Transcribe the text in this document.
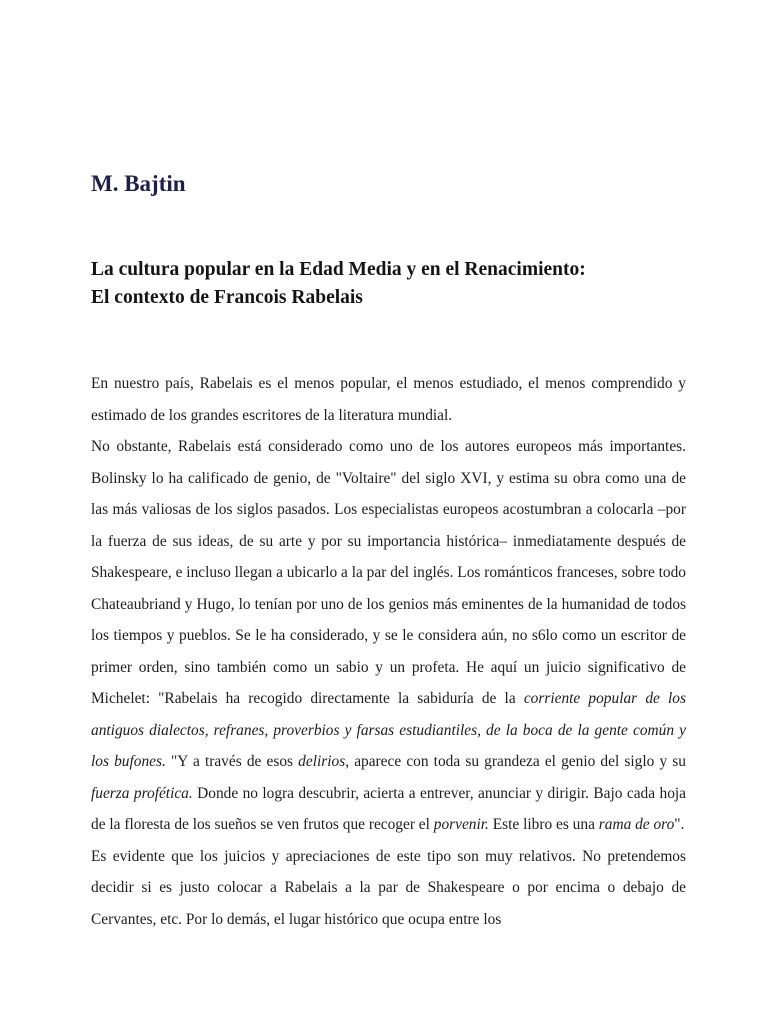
M. Bajtin
La cultura popular en la Edad Media y en el Renacimiento:
El contexto de Francois Rabelais

En nuestro país, Rabelais es el menos popular, el menos estudiado, el menos comprendido y estimado de los grandes escritores de la literatura mundial.

No obstante, Rabelais está considerado como uno de los autores europeos más importantes. Bolinsky lo ha calificado de genio, de "Voltaire" del siglo XVI, y estima su obra como una de las más valiosas de los siglos pasados. Los especialistas europeos acostumbran a colocarla –por la fuerza de sus ideas, de su arte y por su importancia histórica– inmediatamente después de Shakespeare, e incluso llegan a ubicarlo a la par del inglés. Los románticos franceses, sobre todo Chateaubriand y Hugo, lo tenían por uno de los genios más eminentes de la humanidad de todos los tiempos y pueblos. Se le ha considerado, y se le considera aún, no s6lo como un escritor de primer orden, sino también como un sabio y un profeta. He aquí un juicio significativo de Michelet: "Rabelais ha recogido directamente la sabiduría de la corriente popular de los antiguos dialectos, refranes, proverbios y farsas estudiantiles, de la boca de la gente común y los bufones. "Y a través de esos delirios, aparece con toda su grandeza el genio del siglo y su fuerza profética. Donde no logra descubrir, acierta a entrever, anunciar y dirigir. Bajo cada hoja de la floresta de los sueños se ven frutos que recoger el porvenir. Este libro es una rama de oro".

Es evidente que los juicios y apreciaciones de este tipo son muy relativos. No pretendemos decidir si es justo colocar a Rabelais a la par de Shakespeare o por encima o debajo de Cervantes, etc. Por lo demás, el lugar histórico que ocupa entre los
